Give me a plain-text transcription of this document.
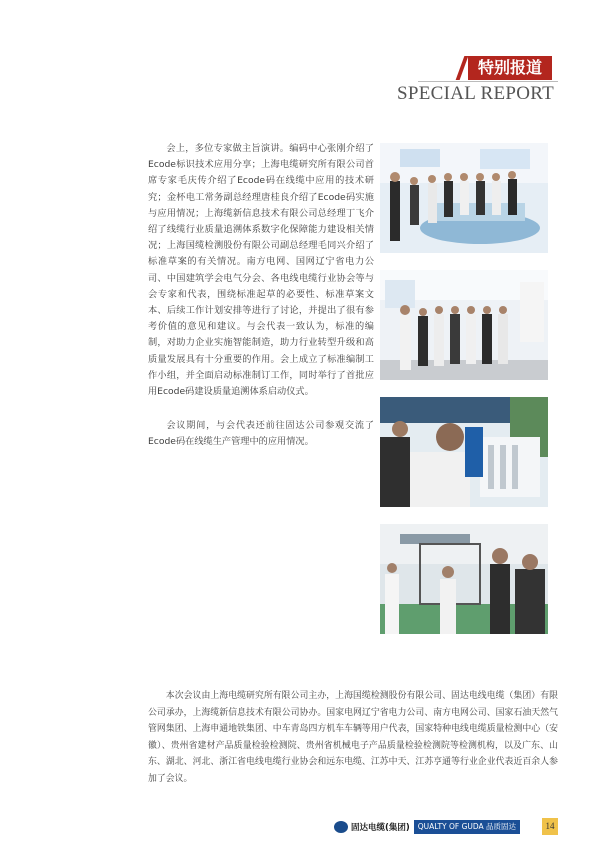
特别报道
SPECIAL REPORT

会上，多位专家做主旨演讲。编码中心张刚介绍了Ecode标识技术应用分享；上海电缆研究所有限公司首席专家毛庆传介绍了Ecode码在线缆中应用的技术研究；金杯电工常务副总经理唐桂良介绍了Ecode码实施与应用情况；上海缆新信息技术有限公司总经理丁飞介绍了线缆行业质量追溯体系数字化保障能力建设相关情况；上海国缆检测股份有限公司副总经理毛同兴介绍了标准草案的有关情况。南方电网、国网辽宁省电力公司、中国建筑学会电气分会、各电线电缆行业协会等与会专家和代表，围绕标准起草的必要性、标准草案文本、后续工作计划安排等进行了讨论，并提出了很有参考价值的意见和建议。与会代表一致认为，标准的编制，对助力企业实施智能制造，助力行业转型升级和高质量发展具有十分重要的作用。会上成立了标准编制工作小组，并全面启动标准制订工作，同时举行了首批应用Ecode码建设质量追溯体系启动仪式。

会议期间，与会代表还前往固达公司参观交流了Ecode码在线缆生产管理中的应用情况。

本次会议由上海电缆研究所有限公司主办，上海国缆检测股份有限公司、固达电线电缆（集团）有限公司承办，上海缆新信息技术有限公司协办。国家电网辽宁省电力公司、南方电网公司、国家石油天然气管网集团、上海申通地铁集团、中车青岛四方机车车辆等用户代表，国家特种电线电缆质量检测中心（安徽）、贵州省建材产品质量检验检测院、贵州省机械电子产品质量检验检测院等检测机构，以及广东、山东、湖北、河北、浙江省电线电缆行业协会和远东电缆、江苏中天、江苏亨通等行业企业代表近百余人参加了会议。

固达电缆(集团)	QUALTY OF GUDA 品质固达	14
